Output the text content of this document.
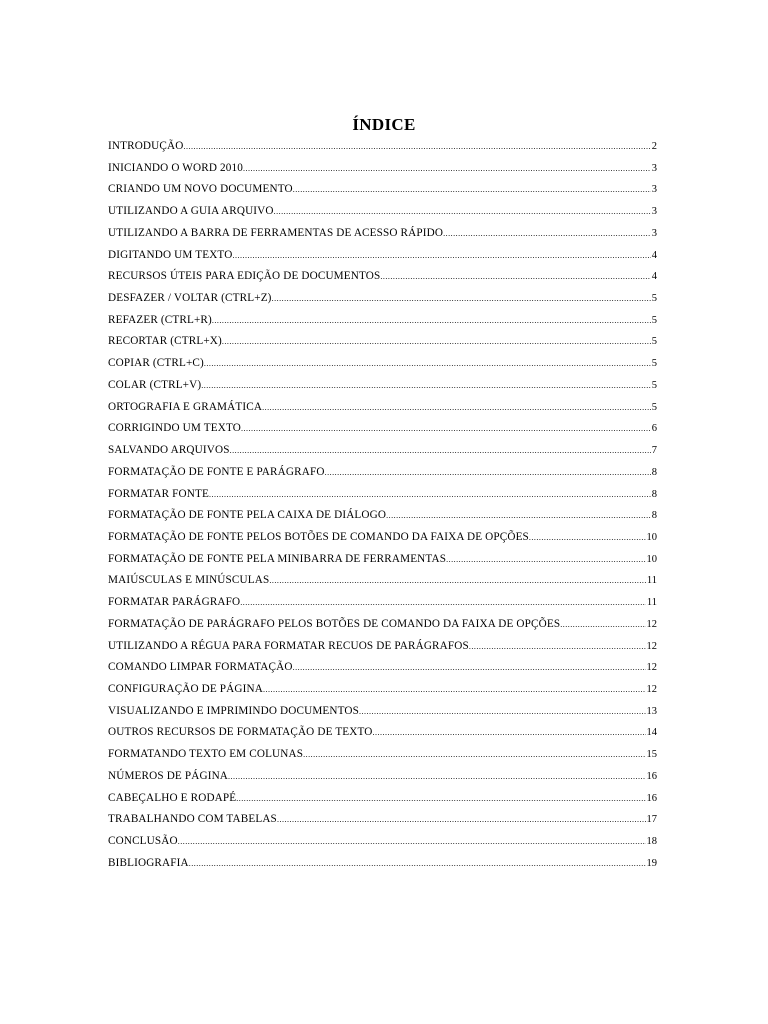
ÍNDICE
INTRODUÇÃO .....	2
INICIANDO O WORD 2010 .....	3
CRIANDO UM NOVO DOCUMENTO .....	3
UTILIZANDO A GUIA ARQUIVO .....	3
UTILIZANDO A BARRA DE FERRAMENTAS DE ACESSO RÁPIDO .....	3
DIGITANDO UM TEXTO .....	4
RECURSOS ÚTEIS PARA EDIÇÃO DE DOCUMENTOS .....	4
DESFAZER / VOLTAR (CTRL+Z) .....	5
REFAZER (CTRL+R) .....	5
RECORTAR (CTRL+X) .....	5
COPIAR (CTRL+C) .....	5
COLAR (CTRL+V) .....	5
ORTOGRAFIA E GRAMÁTICA .....	5
CORRIGINDO UM TEXTO .....	6
SALVANDO ARQUIVOS .....	7
FORMATAÇÃO DE FONTE E PARÁGRAFO .....	8
FORMATAR FONTE .....	8
FORMATAÇÃO DE FONTE PELA CAIXA DE DIÁLOGO .....	8
FORMATAÇÃO DE FONTE PELOS BOTÕES DE COMANDO DA FAIXA DE OPÇÕES .....	10
FORMATAÇÃO DE FONTE PELA MINIBARRA DE FERRAMENTAS .....	10
MAIÚSCULAS E MINÚSCULAS .....	11
FORMATAR PARÁGRAFO .....	11
FORMATAÇÃO DE PARÁGRAFO PELOS BOTÕES DE COMANDO DA FAIXA DE OPÇÕES .....	12
UTILIZANDO A RÉGUA PARA FORMATAR RECUOS DE PARÁGRAFOS .....	12
COMANDO LIMPAR FORMATAÇÃO .....	12
CONFIGURAÇÃO DE PÁGINA .....	12
VISUALIZANDO E IMPRIMINDO DOCUMENTOS .....	13
OUTROS RECURSOS DE FORMATAÇÃO DE TEXTO .....	14
FORMATANDO TEXTO EM COLUNAS .....	15
NÚMEROS DE PÁGINA .....	16
CABEÇALHO E RODAPÉ .....	16
TRABALHANDO COM TABELAS .....	17
CONCLUSÃO .....	18
BIBLIOGRAFIA .....	19
